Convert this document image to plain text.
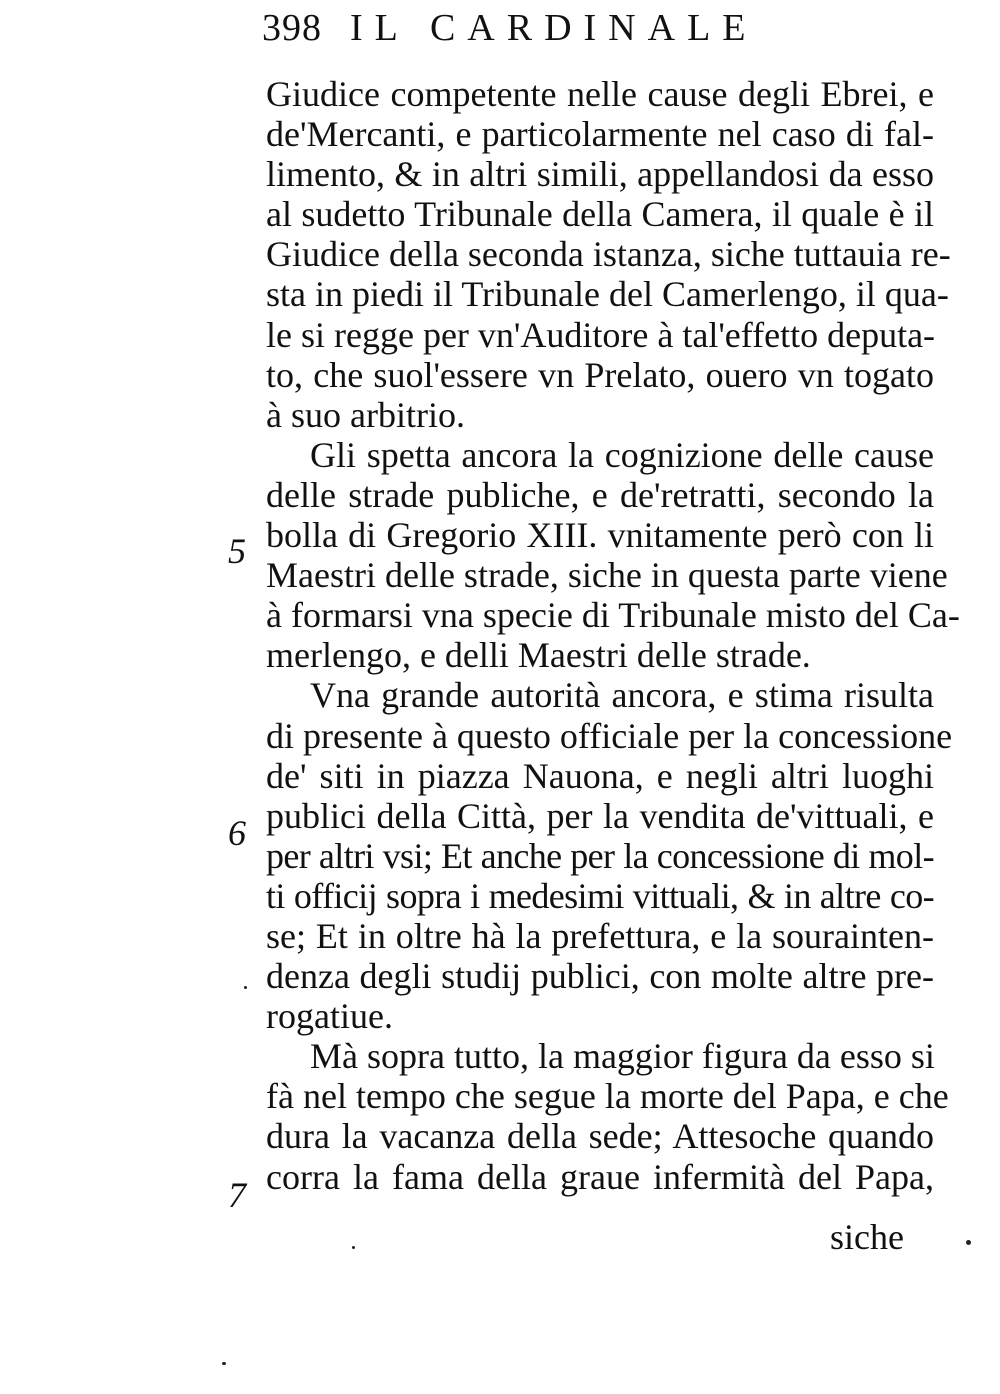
398 IL CARDINALE
Giudice competente nelle cause degli Ebrei, e
de'Mercanti, e particolarmente nel caso di fal-
limento, & in altri simili, appellandosi da esso
al sudetto Tribunale della Camera, il quale è il
Giudice della seconda istanza, siche tuttauia re-
sta in piedi il Tribunale del Camerlengo, il qua-
le si regge per vn'Auditore à tal'effetto deputa-
to, che suol'essere vn Prelato, ouero vn togato
à suo arbitrio.
Gli spetta ancora la cognizione delle cause
delle strade publiche, e de'retratti, secondo la
bolla di Gregorio XIII. vnitamente però con li
Maestri delle strade, siche in questa parte viene
à formarsi vna specie di Tribunale misto del Ca-
merlengo, e delli Maestri delle strade.
Vna grande autorità ancora, e stima risulta
di presente à questo officiale per la concessione
de' siti in piazza Nauona, e negli altri luoghi
publici della Città, per la vendita de'vittuali, e
per altri vsi; Et anche per la concessione di mol-
ti officij sopra i medesimi vittuali, & in altre co-
se; Et in oltre hà la prefettura, e la sourainten-
denza degli studij publici, con molte altre pre-
rogatiue.
Mà sopra tutto, la maggior figura da esso si
fà nel tempo che segue la morte del Papa, e che
dura la vacanza della sede; Attesoche quando
corra la fama della graue infermità del Papa,
5
6
7
siche
